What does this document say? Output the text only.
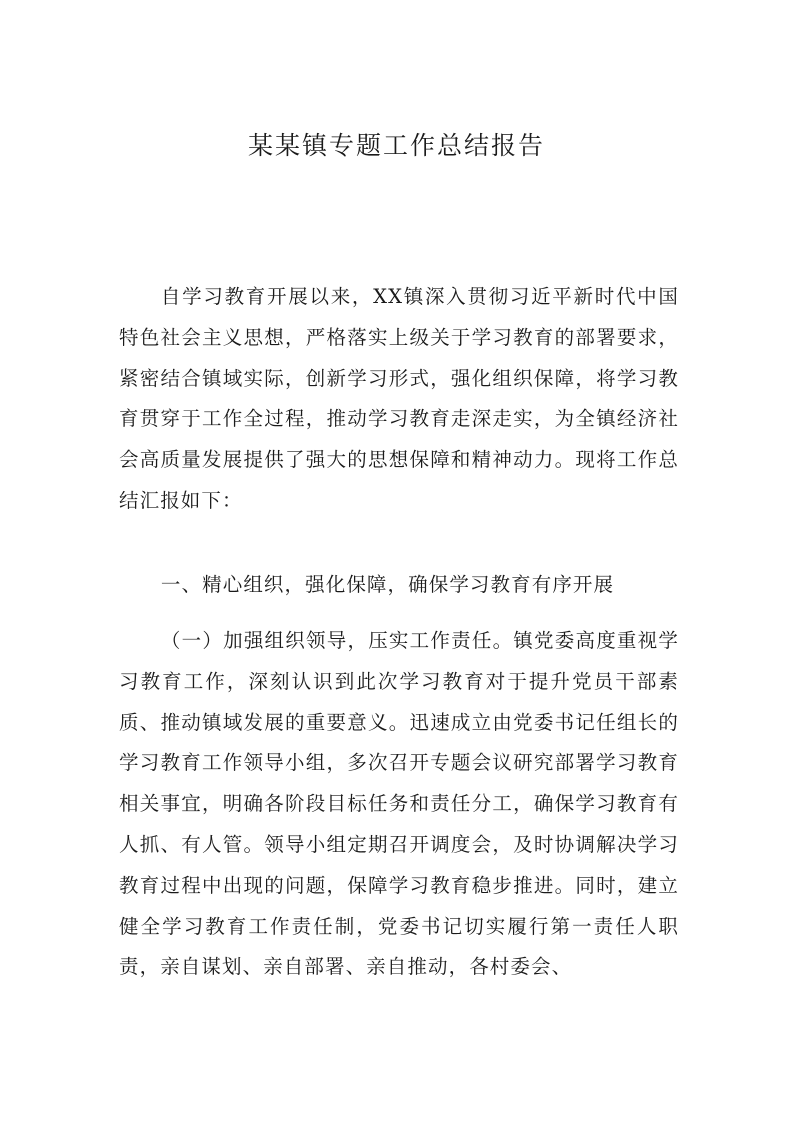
某某镇专题工作总结报告
自学习教育开展以来，XX镇深入贯彻习近平新时代中国特色社会主义思想，严格落实上级关于学习教育的部署要求，紧密结合镇域实际，创新学习形式，强化组织保障，将学习教育贯穿于工作全过程，推动学习教育走深走实，为全镇经济社会高质量发展提供了强大的思想保障和精神动力。现将工作总结汇报如下：
一、精心组织，强化保障，确保学习教育有序开展
（一）加强组织领导，压实工作责任。镇党委高度重视学习教育工作，深刻认识到此次学习教育对于提升党员干部素质、推动镇域发展的重要意义。迅速成立由党委书记任组长的学习教育工作领导小组，多次召开专题会议研究部署学习教育相关事宜，明确各阶段目标任务和责任分工，确保学习教育有人抓、有人管。领导小组定期召开调度会，及时协调解决学习教育过程中出现的问题，保障学习教育稳步推进。同时，建立健全学习教育工作责任制，党委书记切实履行第一责任人职责，亲自谋划、亲自部署、亲自推动，各村委会、
